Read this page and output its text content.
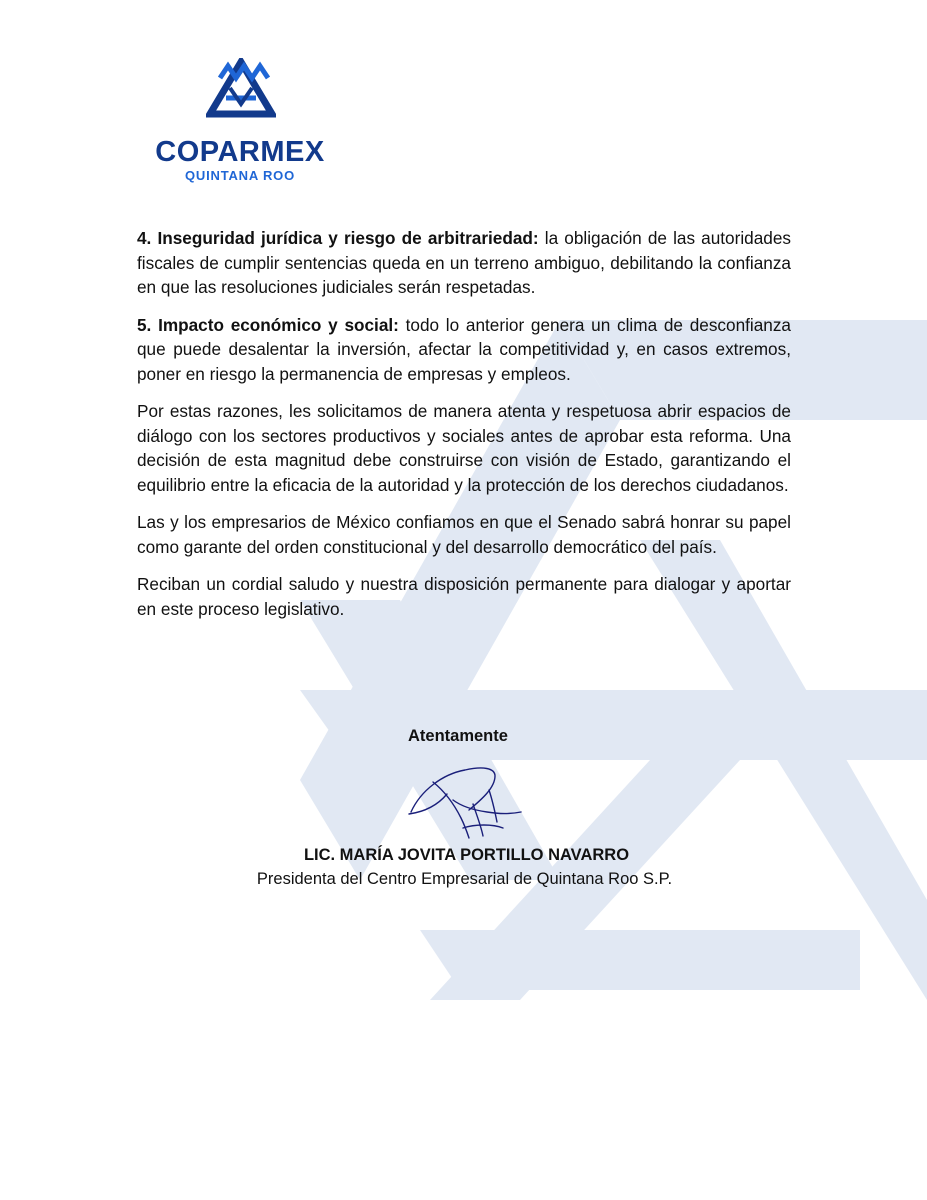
COPARMEX
QUINTANA ROO

4. Inseguridad jurídica y riesgo de arbitrariedad: la obligación de las autoridades fiscales de cumplir sentencias queda en un terreno ambiguo, debilitando la confianza en que las resoluciones judiciales serán respetadas.

5. Impacto económico y social: todo lo anterior genera un clima de desconfianza que puede desalentar la inversión, afectar la competitividad y, en casos extremos, poner en riesgo la permanencia de empresas y empleos.

Por estas razones, les solicitamos de manera atenta y respetuosa abrir espacios de diálogo con los sectores productivos y sociales antes de aprobar esta reforma. Una decisión de esta magnitud debe construirse con visión de Estado, garantizando el equilibrio entre la eficacia de la autoridad y la protección de los derechos ciudadanos.

Las y los empresarios de México confiamos en que el Senado sabrá honrar su papel como garante del orden constitucional y del desarrollo democrático del país.

Reciban un cordial saludo y nuestra disposición permanente para dialogar y aportar en este proceso legislativo.

Atentamente
LIC. MARÍA JOVITA PORTILLO NAVARRO
Presidenta del Centro Empresarial de Quintana Roo S.P.
